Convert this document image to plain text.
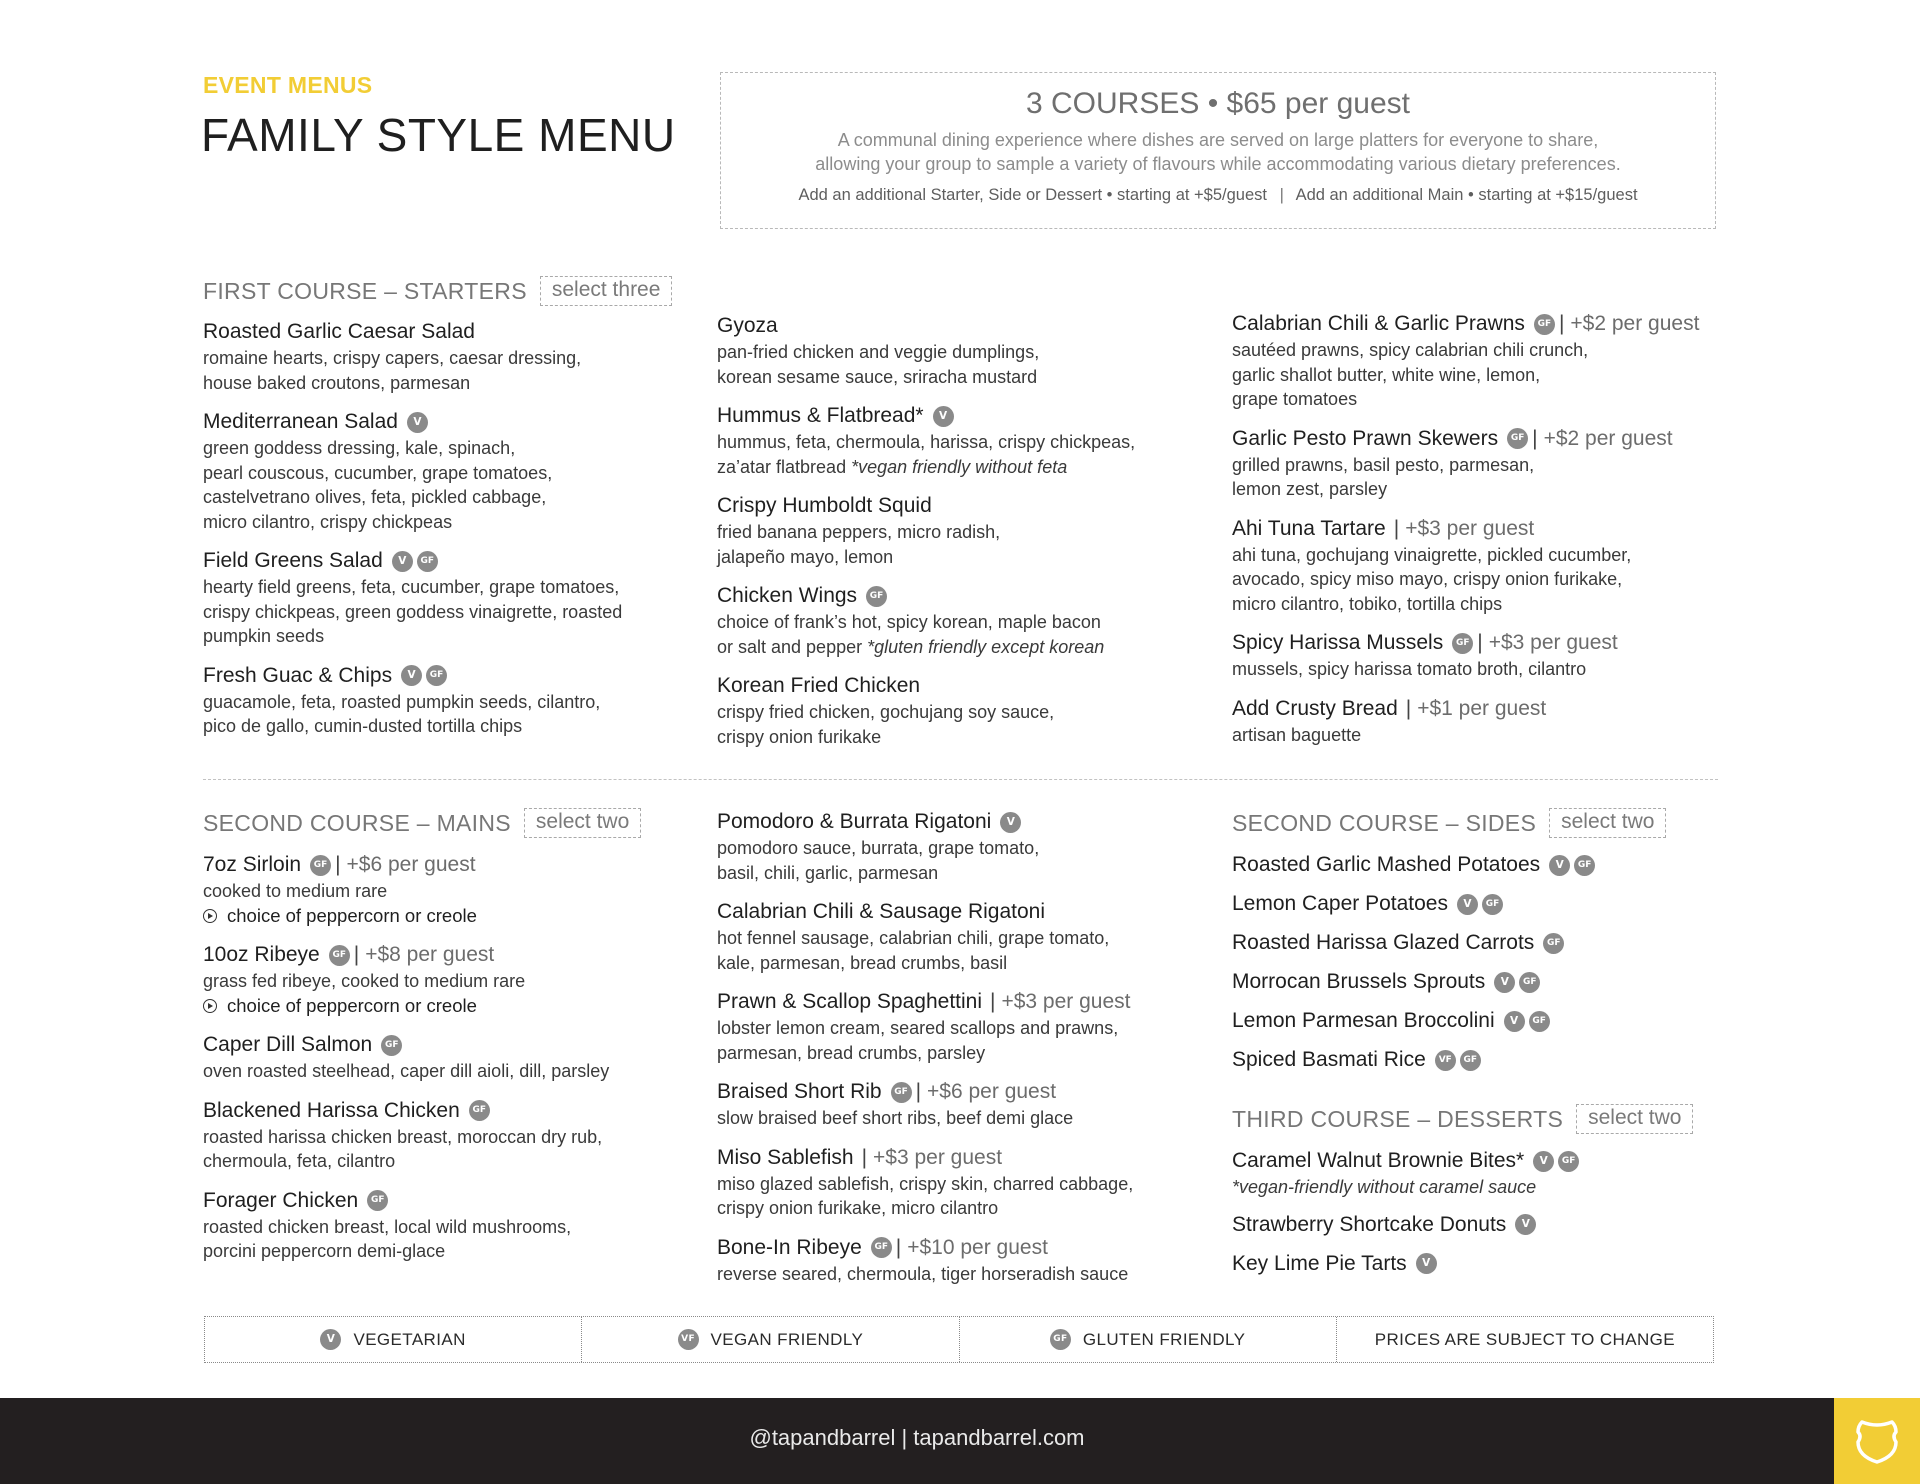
EVENT MENUS
FAMILY STYLE MENU
3 COURSES • $65 per guest
A communal dining experience where dishes are served on large platters for everyone to share,
allowing your group to sample a variety of flavours while accommodating various dietary preferences.
Add an additional Starter, Side or Dessert • starting at +$5/guest | Add an additional Main • starting at +$15/guest
FIRST COURSE – STARTERS	select three
Roasted Garlic Caesar Salad
romaine hearts, crispy capers, caesar dressing,
house baked croutons, parmesan
Mediterranean Salad	V
green goddess dressing, kale, spinach,
pearl couscous, cucumber, grape tomatoes,
castelvetrano olives, feta, pickled cabbage,
micro cilantro, crispy chickpeas
Field Greens Salad	V	GF
hearty field greens, feta, cucumber, grape tomatoes,
crispy chickpeas, green goddess vinaigrette, roasted
pumpkin seeds
Fresh Guac & Chips	V	GF
guacamole, feta, roasted pumpkin seeds, cilantro,
pico de gallo, cumin-dusted tortilla chips
Gyoza
pan-fried chicken and veggie dumplings,
korean sesame sauce, sriracha mustard
Hummus & Flatbread*	V
hummus, feta, chermoula, harissa, crispy chickpeas,
za’atar flatbread *vegan friendly without feta
Crispy Humboldt Squid
fried banana peppers, micro radish,
jalapeño mayo, lemon
Chicken Wings	GF
choice of frank’s hot, spicy korean, maple bacon
or salt and pepper *gluten friendly except korean
Korean Fried Chicken
crispy fried chicken, gochujang soy sauce,
crispy onion furikake
Calabrian Chili & Garlic Prawns	GF | +$2 per guest
sautéed prawns, spicy calabrian chili crunch,
garlic shallot butter, white wine, lemon,
grape tomatoes
Garlic Pesto Prawn Skewers	GF | +$2 per guest
grilled prawns, basil pesto, parmesan,
lemon zest, parsley
Ahi Tuna Tartare | +$3 per guest
ahi tuna, gochujang vinaigrette, pickled cucumber,
avocado, spicy miso mayo, crispy onion furikake,
micro cilantro, tobiko, tortilla chips
Spicy Harissa Mussels	GF | +$3 per guest
mussels, spicy harissa tomato broth, cilantro
Add Crusty Bread | +$1 per guest
artisan baguette
SECOND COURSE – MAINS	select two
7oz Sirloin	GF | +$6 per guest
cooked to medium rare
choice of peppercorn or creole
10oz Ribeye	GF | +$8 per guest
grass fed ribeye, cooked to medium rare
choice of peppercorn or creole
Caper Dill Salmon	GF
oven roasted steelhead, caper dill aioli, dill, parsley
Blackened Harissa Chicken	GF
roasted harissa chicken breast, moroccan dry rub,
chermoula, feta, cilantro
Forager Chicken	GF
roasted chicken breast, local wild mushrooms,
porcini peppercorn demi-glace
Pomodoro & Burrata Rigatoni	V
pomodoro sauce, burrata, grape tomato,
basil, chili, garlic, parmesan
Calabrian Chili & Sausage Rigatoni
hot fennel sausage, calabrian chili, grape tomato,
kale, parmesan, bread crumbs, basil
Prawn & Scallop Spaghettini | +$3 per guest
lobster lemon cream, seared scallops and prawns,
parmesan, bread crumbs, parsley
Braised Short Rib	GF | +$6 per guest
slow braised beef short ribs, beef demi glace
Miso Sablefish | +$3 per guest
miso glazed sablefish, crispy skin, charred cabbage,
crispy onion furikake, micro cilantro
Bone-In Ribeye	GF | +$10 per guest
reverse seared, chermoula, tiger horseradish sauce
SECOND COURSE – SIDES	select two
Roasted Garlic Mashed Potatoes	V	GF
Lemon Caper Potatoes	V	GF
Roasted Harissa Glazed Carrots	GF
Morrocan Brussels Sprouts	V	GF
Lemon Parmesan Broccolini	V	GF
Spiced Basmati Rice	VF	GF
THIRD COURSE – DESSERTS	select two
Caramel Walnut Brownie Bites*	V	GF
*vegan-friendly without caramel sauce
Strawberry Shortcake Donuts	V
Key Lime Pie Tarts	V
V	VEGETARIAN	VF VEGAN FRIENDLY	GF GLUTEN FRIENDLY	PRICES ARE SUBJECT TO CHANGE
@tapandbarrel | tapandbarrel.com
